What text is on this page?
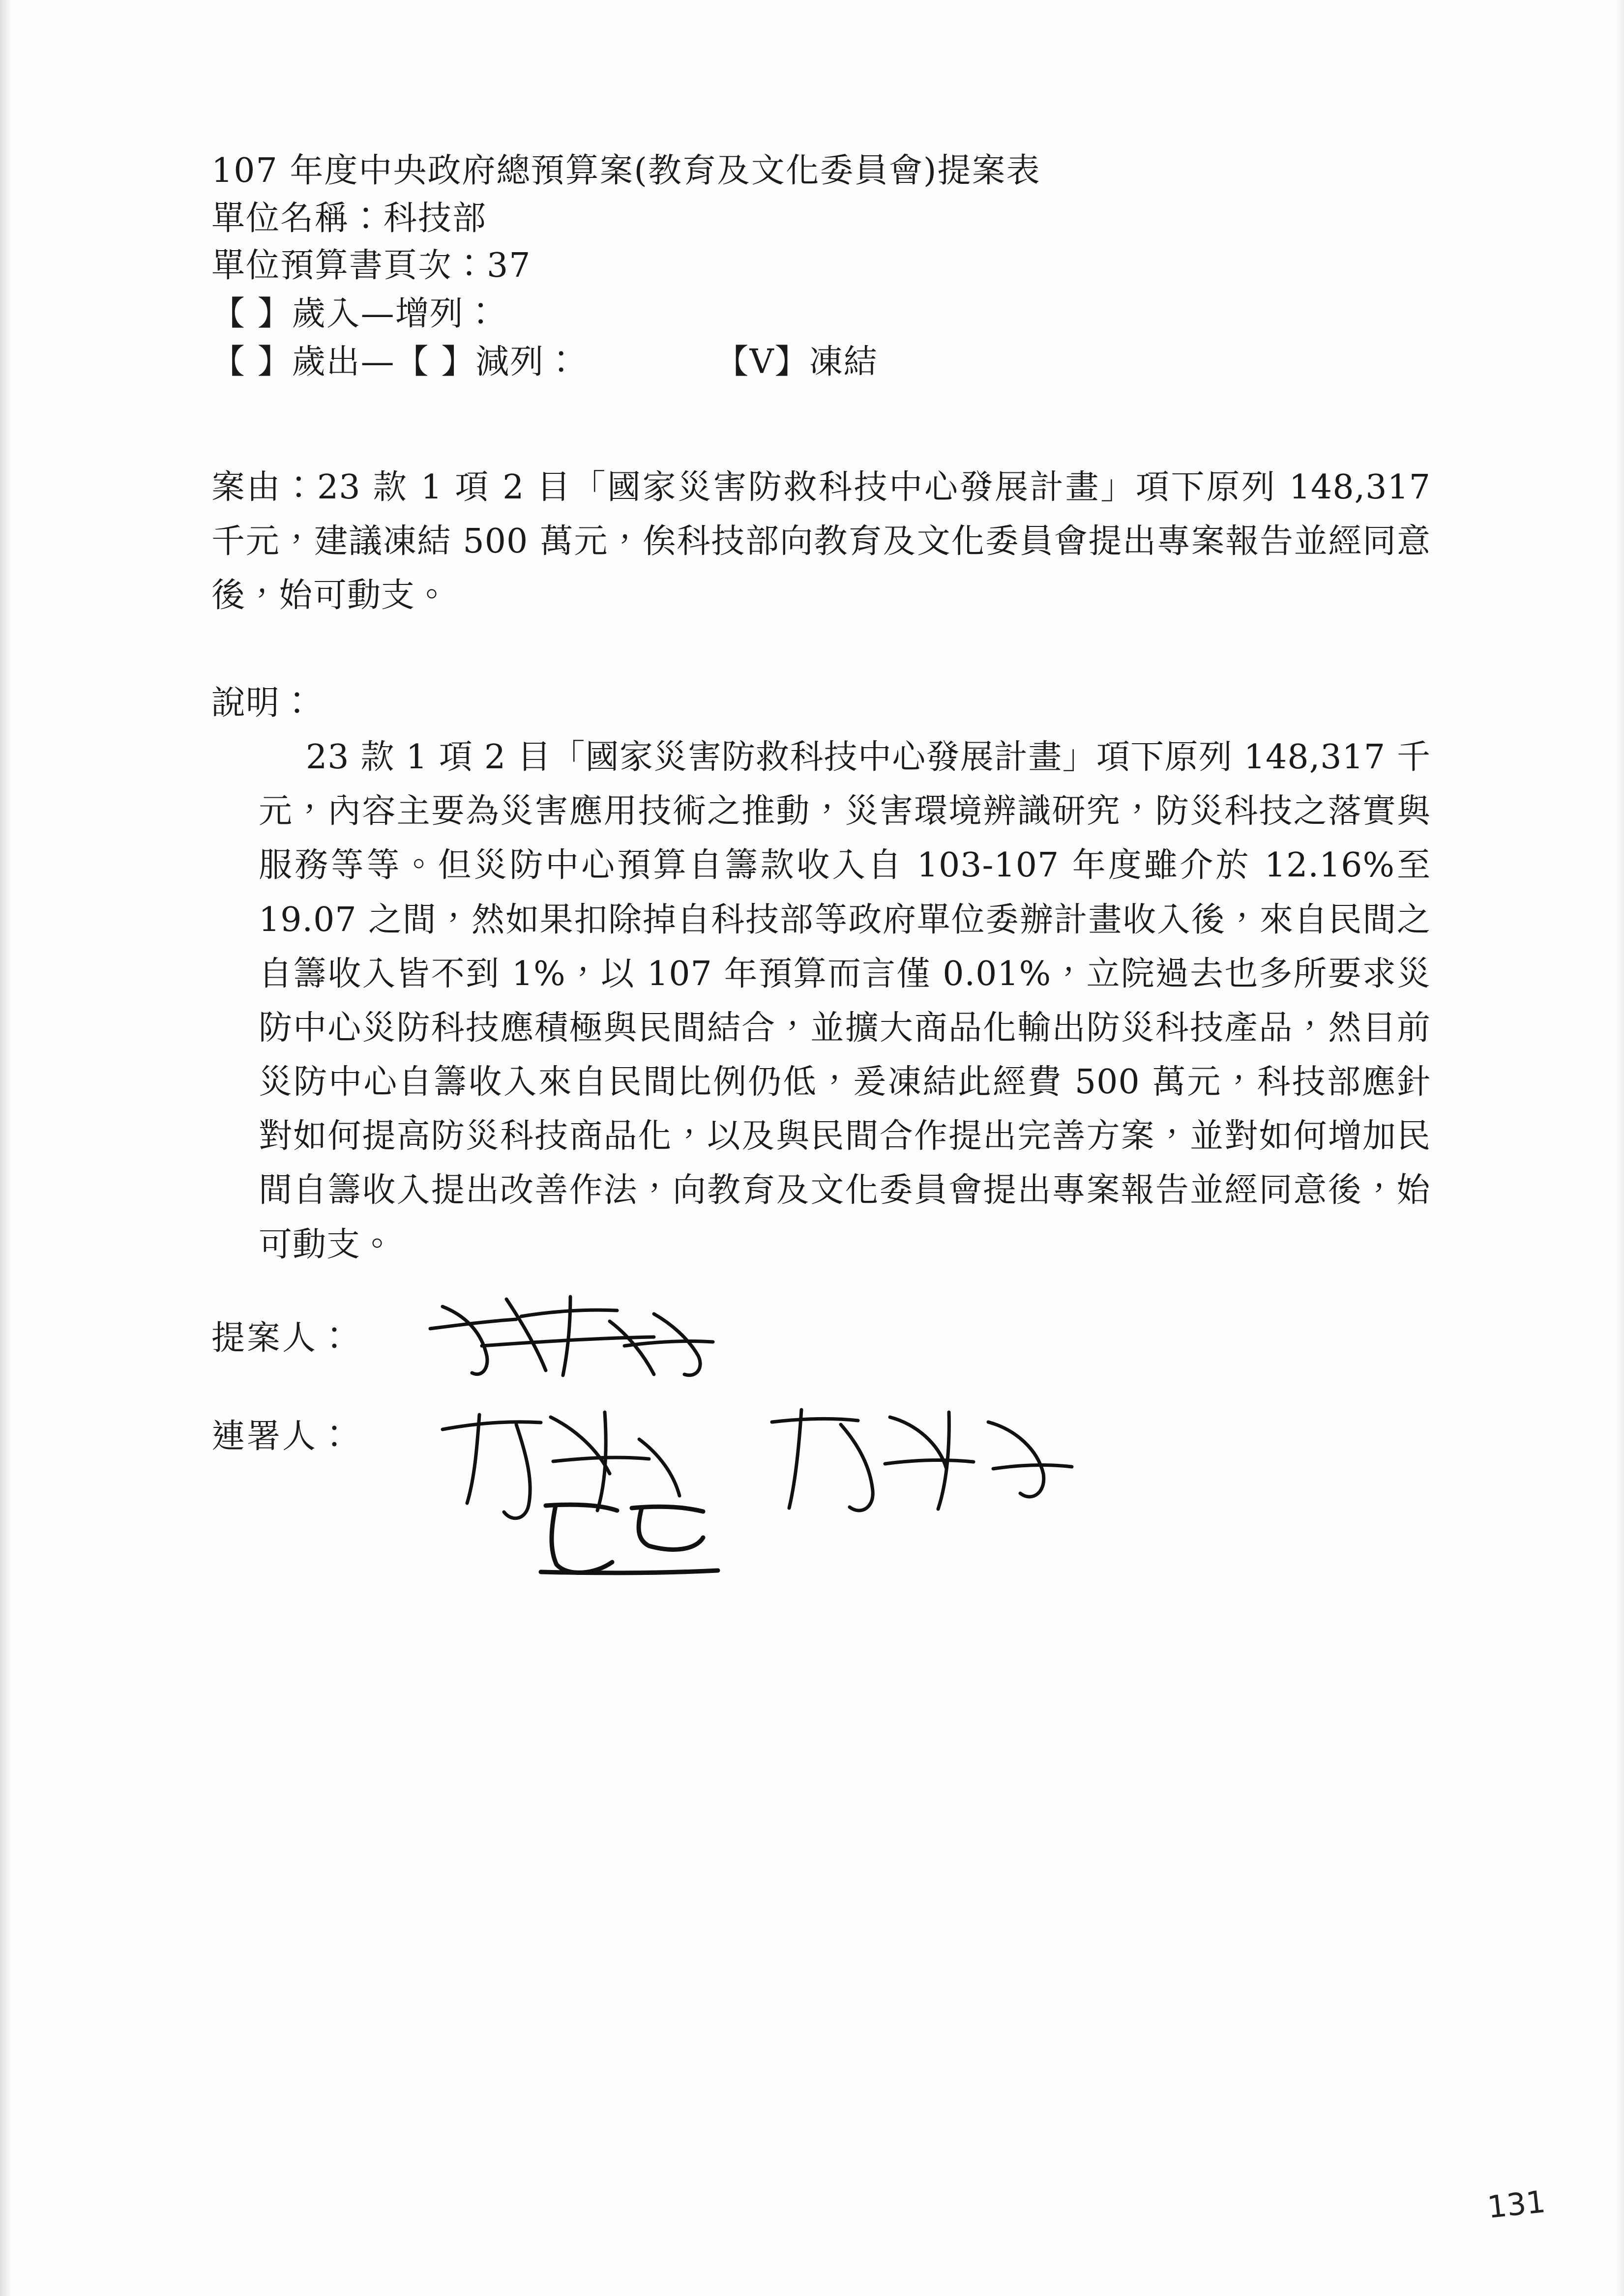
107 年度中央政府總預算案(教育及文化委員會)提案表
單位名稱：科技部
單位預算書頁次：37
【 】歲入—增列：
【 】歲出—【 】減列：	【V】凍結
案由：23 款 1 項 2 目「國家災害防救科技中心發展計畫」項下原列 148,317 千元，建議凍結 500 萬元，俟科技部向教育及文化委員會提出專案報告並經同意後，始可動支。
說明：
23 款 1 項 2 目「國家災害防救科技中心發展計畫」項下原列 148,317 千元，內容主要為災害應用技術之推動，災害環境辨識研究，防災科技之落實與服務等等。但災防中心預算自籌款收入自 103-107 年度雖介於 12.16%至 19.07 之間，然如果扣除掉自科技部等政府單位委辦計畫收入後，來自民間之自籌收入皆不到 1%，以 107 年預算而言僅 0.01%，立院過去也多所要求災防中心災防科技應積極與民間結合，並擴大商品化輸出防災科技產品，然目前災防中心自籌收入來自民間比例仍低，爰凍結此經費 500 萬元，科技部應針對如何提高防災科技商品化，以及與民間合作提出完善方案，並對如何增加民間自籌收入提出改善作法，向教育及文化委員會提出專案報告並經同意後，始可動支。
提案人：
連署人：
131
